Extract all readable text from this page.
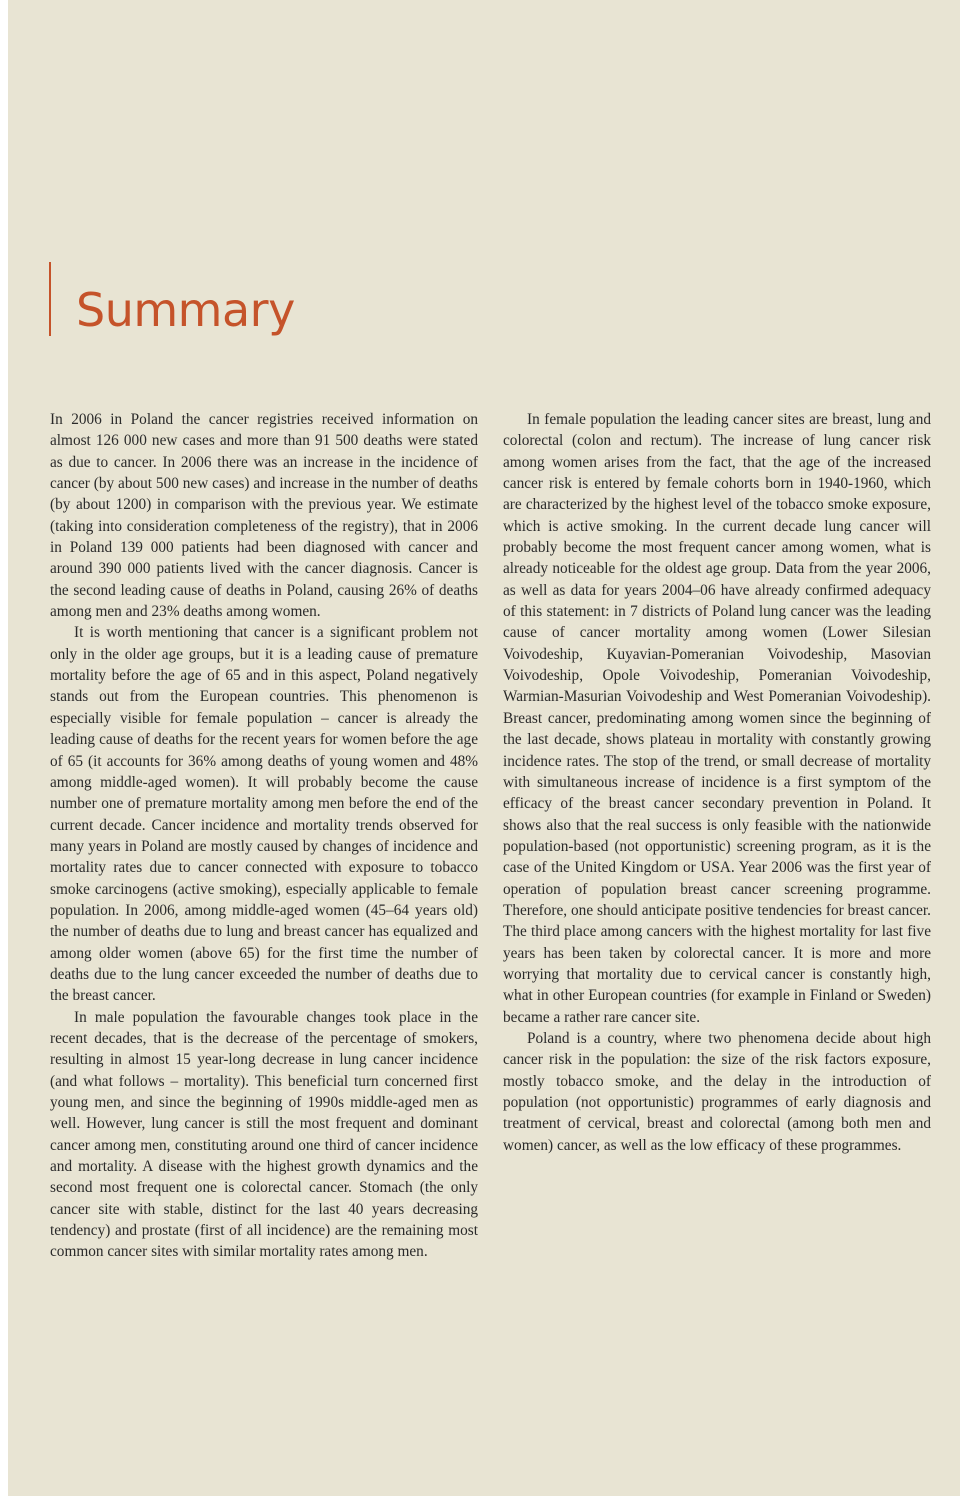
Summary

In 2006 in Poland the cancer registries received information on almost 126 000 new cases and more than 91 500 deaths were stated as due to cancer. In 2006 there was an increase in the incidence of cancer (by about 500 new cases) and increase in the number of deaths (by about 1200) in comparison with the previous year. We estimate (taking into consideration completeness of the registry), that in 2006 in Poland 139 000 patients had been diagnosed with cancer and around 390 000 patients lived with the cancer diagnosis. Cancer is the second leading cause of deaths in Poland, causing 26% of deaths among men and 23% deaths among women.

It is worth mentioning that cancer is a significant problem not only in the older age groups, but it is a leading cause of premature mortality before the age of 65 and in this aspect, Poland negatively stands out from the European countries. This phenomenon is especially visible for female population – cancer is already the leading cause of deaths for the recent years for women before the age of 65 (it accounts for 36% among deaths of young women and 48% among middle-aged women). It will probably become the cause number one of premature mortality among men before the end of the current decade. Cancer incidence and mortality trends observed for many years in Poland are mostly caused by changes of incidence and mortality rates due to cancer connected with exposure to tobacco smoke carcinogens (active smoking), especially applicable to female population. In 2006, among middle-aged women (45–64 years old) the number of deaths due to lung and breast cancer has equalized and among older women (above 65) for the first time the number of deaths due to the lung cancer exceeded the number of deaths due to the breast cancer.

In male population the favourable changes took place in the recent decades, that is the decrease of the percentage of smokers, resulting in almost 15 year-long decrease in lung cancer incidence (and what follows – mortality). This beneficial turn concerned first young men, and since the beginning of 1990s middle-aged men as well. However, lung cancer is still the most frequent and dominant cancer among men, constituting around one third of cancer incidence and mortality. A disease with the highest growth dynamics and the second most frequent one is colorectal cancer. Stomach (the only cancer site with stable, distinct for the last 40 years decreasing tendency) and prostate (first of all incidence) are the remaining most common cancer sites with similar mortality rates among men.

In female population the leading cancer sites are breast, lung and colorectal (colon and rectum). The increase of lung cancer risk among women arises from the fact, that the age of the increased cancer risk is entered by female cohorts born in 1940-1960, which are characterized by the highest level of the tobacco smoke exposure, which is active smoking. In the current decade lung cancer will probably become the most frequent cancer among women, what is already noticeable for the oldest age group. Data from the year 2006, as well as data for years 2004–06 have already confirmed adequacy of this statement: in 7 districts of Poland lung cancer was the leading cause of cancer mortality among women (Lower Silesian Voivodeship, Kuyavian-Pomeranian Voivodeship, Masovian Voivodeship, Opole Voivodeship, Pomeranian Voivodeship, Warmian-Masurian Voivodeship and West Pomeranian Voivodeship). Breast cancer, predominating among women since the beginning of the last decade, shows plateau in mortality with constantly growing incidence rates. The stop of the trend, or small decrease of mortality with simultaneous increase of incidence is a first symptom of the efficacy of the breast cancer secondary prevention in Poland. It shows also that the real success is only feasible with the nationwide population-based (not opportunistic) screening program, as it is the case of the United Kingdom or USA. Year 2006 was the first year of operation of population breast cancer screening programme. Therefore, one should anticipate positive tendencies for breast cancer. The third place among cancers with the highest mortality for last five years has been taken by colorectal cancer. It is more and more worrying that mortality due to cervical cancer is constantly high, what in other European countries (for example in Finland or Sweden) became a rather rare cancer site.

Poland is a country, where two phenomena decide about high cancer risk in the population: the size of the risk factors exposure, mostly tobacco smoke, and the delay in the introduction of population (not opportunistic) programmes of early diagnosis and treatment of cervical, breast and colorectal (among both men and women) cancer, as well as the low efficacy of these programmes.
